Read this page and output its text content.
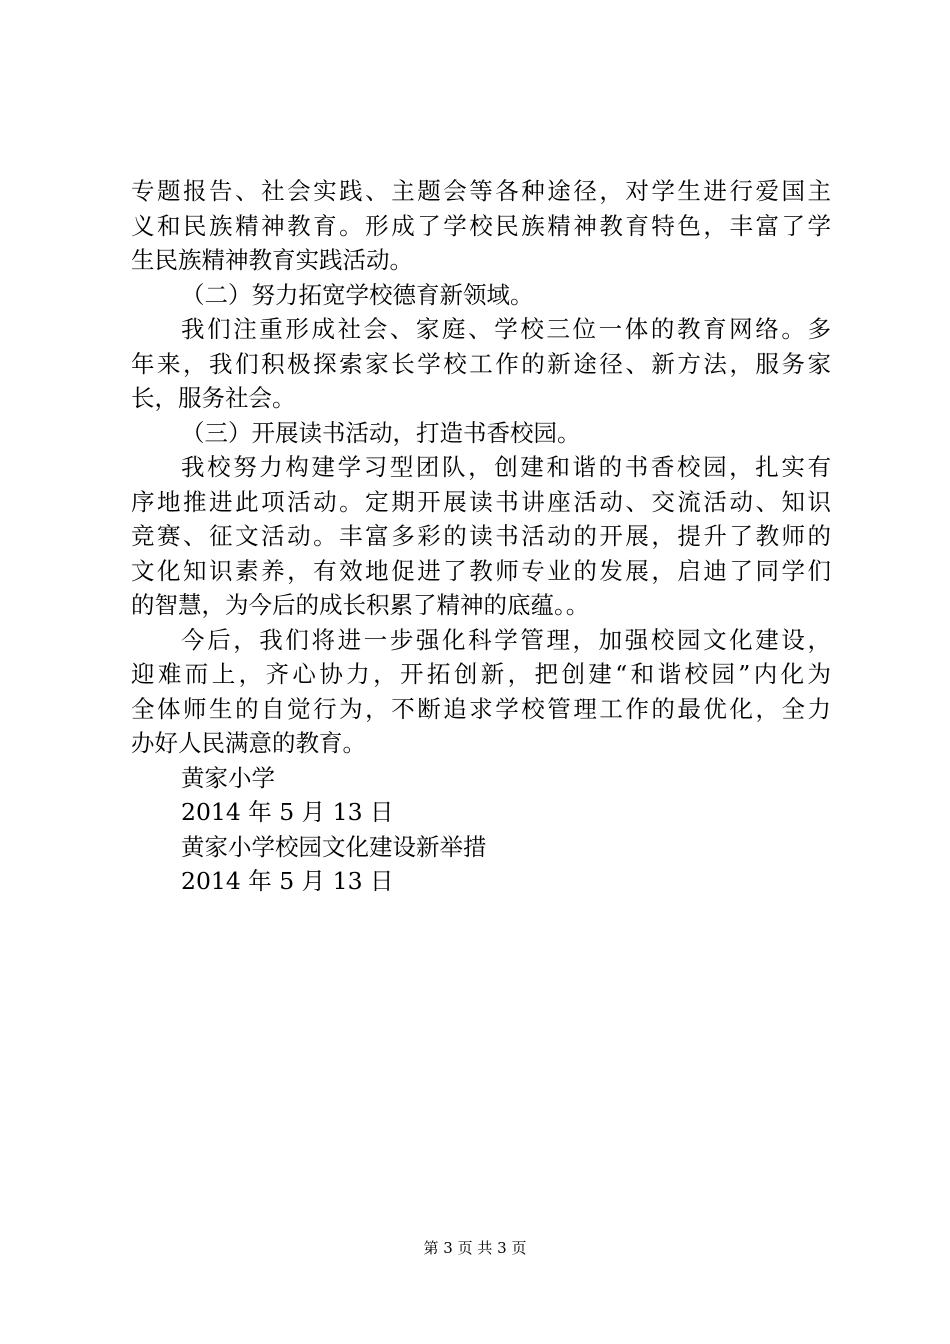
专题报告、社会实践、主题会等各种途径，对学生进行爱国主
义和民族精神教育。形成了学校民族精神教育特色，丰富了学
生民族精神教育实践活动。
（二）努力拓宽学校德育新领域。
我们注重形成社会、家庭、学校三位一体的教育网络。多
年来，我们积极探索家长学校工作的新途径、新方法，服务家
长，服务社会。
（三）开展读书活动，打造书香校园。
我校努力构建学习型团队，创建和谐的书香校园，扎实有
序地推进此项活动。定期开展读书讲座活动、交流活动、知识
竞赛、征文活动。丰富多彩的读书活动的开展，提升了教师的
文化知识素养，有效地促进了教师专业的发展，启迪了同学们
的智慧，为今后的成长积累了精神的底蕴。。
今后，我们将进一步强化科学管理，加强校园文化建设，
迎难而上，齐心协力，开拓创新，把创建“和谐校园”内化为
全体师生的自觉行为，不断追求学校管理工作的最优化，全力
办好人民满意的教育。
黄家小学
2014 年 5 月 13 日
黄家小学校园文化建设新举措
2014 年 5 月 13 日
第 3 页 共 3 页
